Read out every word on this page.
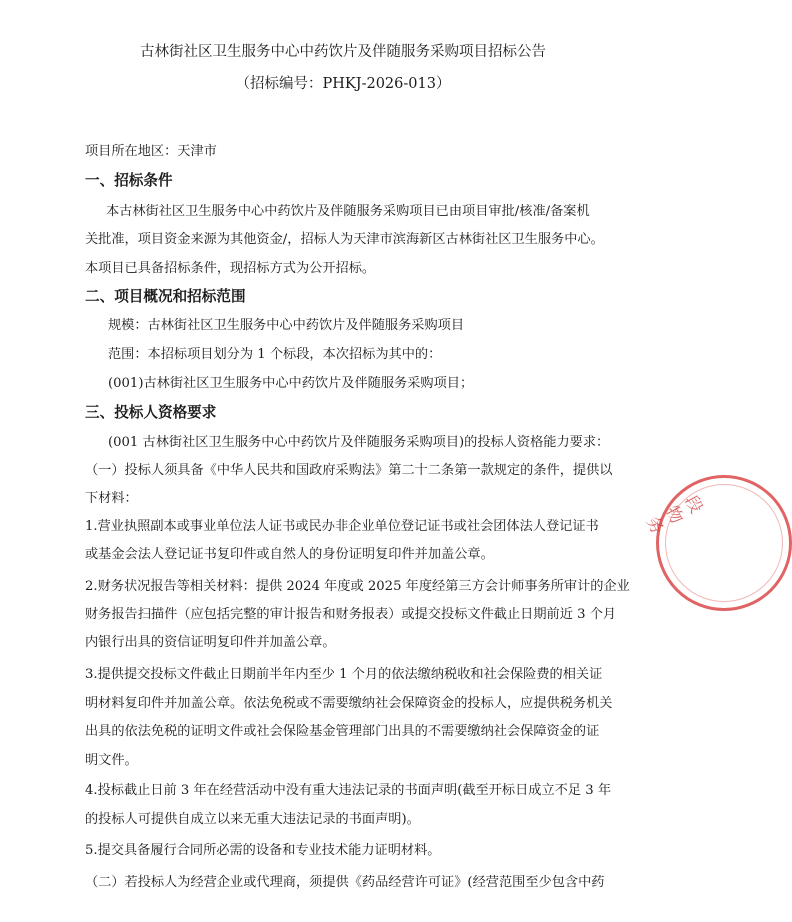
古林街社区卫生服务中心中药饮片及伴随服务采购项目招标公告
（招标编号：PHKJ-2026-013）
项目所在地区：天津市
一、招标条件
本古林街社区卫生服务中心中药饮片及伴随服务采购项目已由项目审批/核准/备案机
关批准，项目资金来源为其他资金/，招标人为天津市滨海新区古林街社区卫生服务中心。
本项目已具备招标条件，现招标方式为公开招标。
二、项目概况和招标范围
规模：古林街社区卫生服务中心中药饮片及伴随服务采购项目
范围：本招标项目划分为 1 个标段，本次招标为其中的：
(001)古林街社区卫生服务中心中药饮片及伴随服务采购项目；
三、投标人资格要求
(001 古林街社区卫生服务中心中药饮片及伴随服务采购项目)的投标人资格能力要求：
（一）投标人须具备《中华人民共和国政府采购法》第二十二条第一款规定的条件，提供以
下材料：
1.营业执照副本或事业单位法人证书或民办非企业单位登记证书或社会团体法人登记证书
或基金会法人登记证书复印件或自然人的身份证明复印件并加盖公章。
2.财务状况报告等相关材料：提供 2024 年度或 2025 年度经第三方会计师事务所审计的企业
财务报告扫描件（应包括完整的审计报告和财务报表）或提交投标文件截止日期前近 3 个月
内银行出具的资信证明复印件并加盖公章。
3.提供提交投标文件截止日期前半年内至少 1 个月的依法缴纳税收和社会保险费的相关证
明材料复印件并加盖公章。依法免税或不需要缴纳社会保障资金的投标人，应提供税务机关
出具的依法免税的证明文件或社会保险基金管理部门出具的不需要缴纳社会保障资金的证
明文件。
4.投标截止日前 3 年在经营活动中没有重大违法记录的书面声明(截至开标日成立不足 3 年
的投标人可提供自成立以来无重大违法记录的书面声明)。
5.提交具备履行合同所必需的设备和专业技术能力证明材料。
（二）若投标人为经营企业或代理商，须提供《药品经营许可证》(经营范围至少包含中药
段物务
